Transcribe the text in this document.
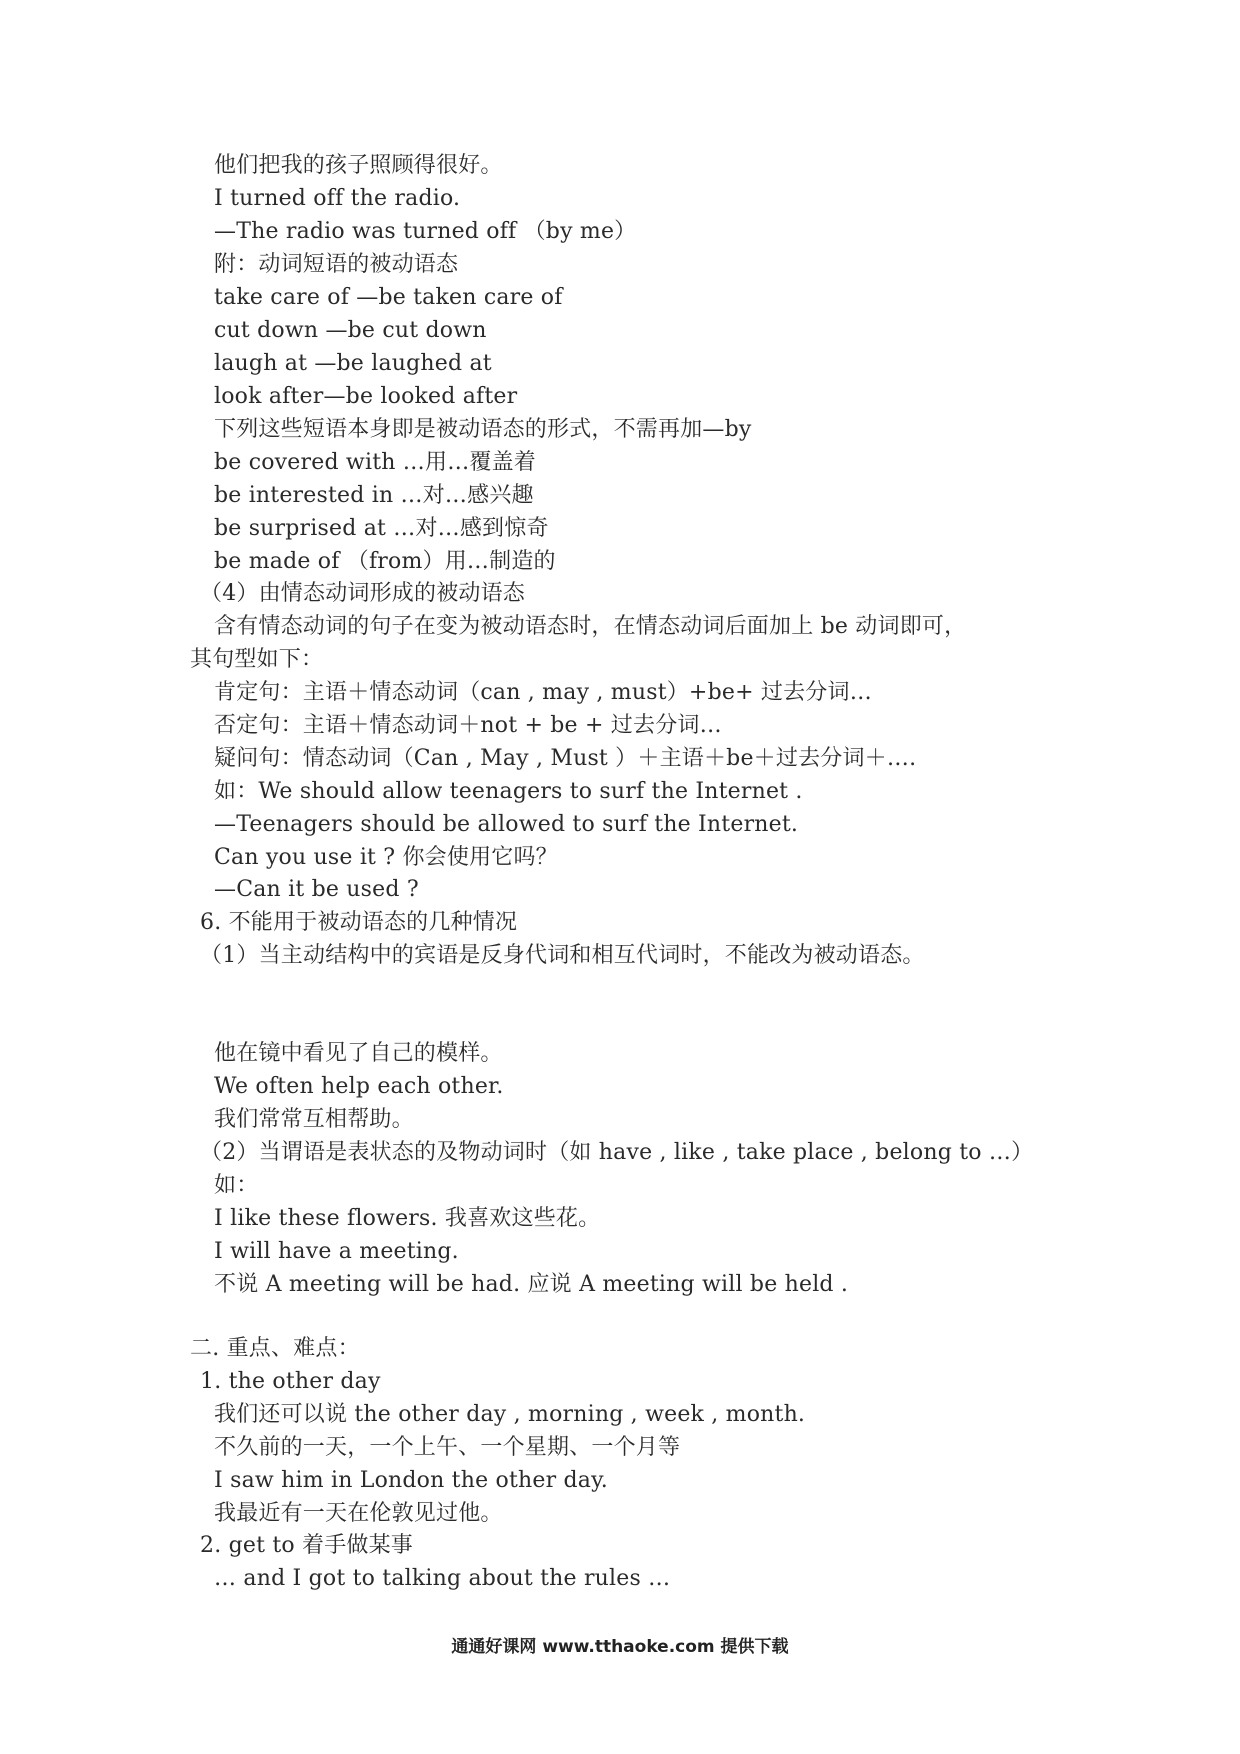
他们把我的孩子照顾得很好。
I turned off the radio.
—The radio was turned off （by me）
附：动词短语的被动语态
take care of —be taken care of
cut down —be cut down
laugh at —be laughed at
look after—be looked after
下列这些短语本身即是被动语态的形式，不需再加—by
be covered with …用…覆盖着
be interested in …对…感兴趣
be surprised at …对…感到惊奇
be made of （from）用…制造的
（4）由情态动词形成的被动语态
含有情态动词的句子在变为被动语态时，在情态动词后面加上 be 动词即可，
其句型如下：
肯定句：主语＋情态动词（can , may , must）+be+ 过去分词…
否定句：主语＋情态动词＋not + be + 过去分词…
疑问句：情态动词（Can , May , Must ）＋主语＋be＋过去分词＋….
如：We should allow teenagers to surf the Internet .
—Teenagers should be allowed to surf the Internet.
Can you use it ? 你会使用它吗？
—Can it be used ?
6. 不能用于被动语态的几种情况
（1）当主动结构中的宾语是反身代词和相互代词时，不能改为被动语态。
他在镜中看见了自己的模样。
We often help each other.
我们常常互相帮助。
（2）当谓语是表状态的及物动词时（如 have , like , take place , belong to …）
如：
I like these flowers. 我喜欢这些花。
I will have a meeting.
不说 A meeting will be had. 应说 A meeting will be held .
二. 重点、难点：
1. the other day
我们还可以说 the other day , morning , week , month.
不久前的一天，一个上午、一个星期、一个月等
I saw him in London the other day.
我最近有一天在伦敦见过他。
2. get to 着手做某事
… and I got to talking about the rules …
通通好课网 www.tthaoke.com 提供下载
